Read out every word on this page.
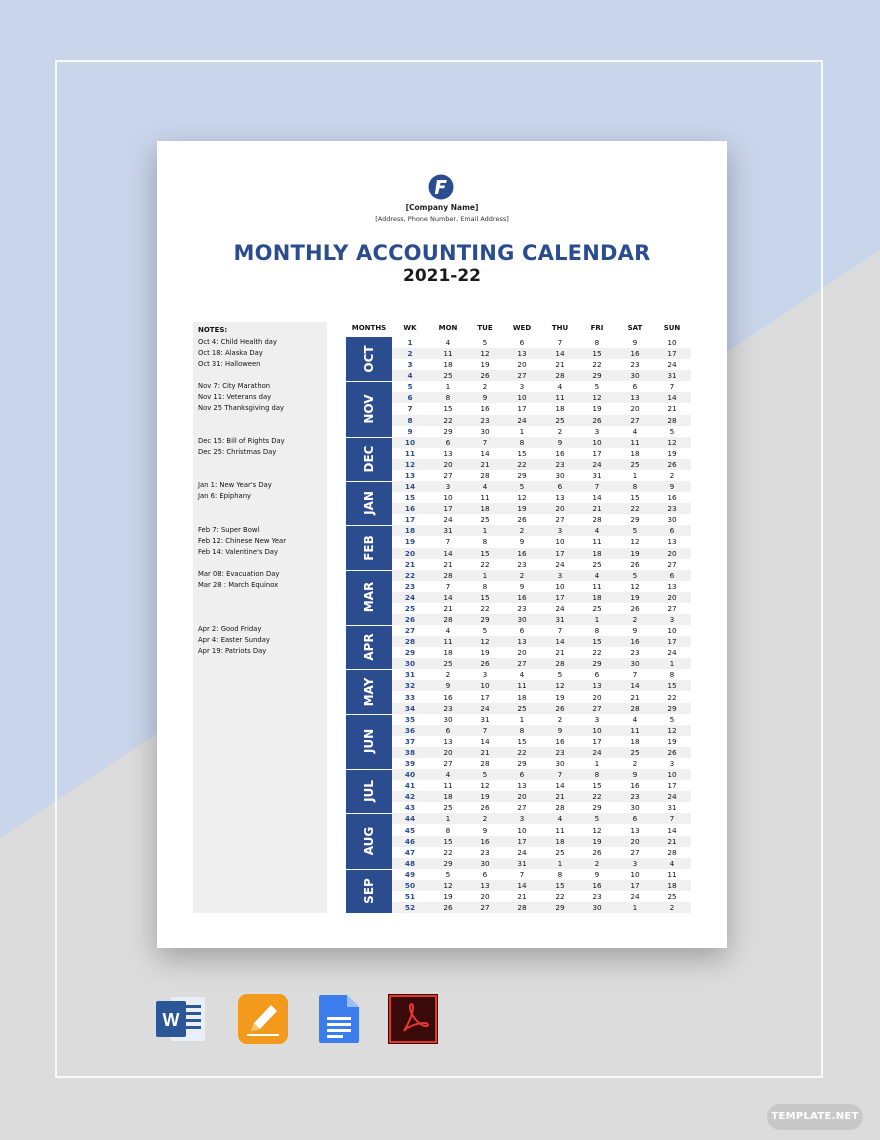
[Company Name]
[Address, Phone Number, Email Address]
MONTHLY ACCOUNTING CALENDAR
2021-22
NOTES:
Oct 4: Child Health day
Oct 18: Alaska Day
Oct 31: Halloween
Nov 7: City Marathon
Nov 11: Veterans day
Nov 25 Thanksgiving day
Dec 15: Bill of Rights Day
Dec 25: Christmas Day
Jan 1: New Year's Day
Jan 6: Epiphany
Feb 7: Super Bowl
Feb 12: Chinese New Year
Feb 14: Valentine's Day
Mar 08: Evacuation Day
Mar 28 : March Equinox
Apr 2: Good Friday
Apr 4: Easter Sunday
Apr 19: Patriots Day
MONTHS	WK	MON	TUE	WED	THU	FRI	SAT	SUN
OCT
1	4	5	6	7	8	9	10
2	11	12	13	14	15	16	17
3	18	19	20	21	22	23	24
4	25	26	27	28	29	30	31
NOV
5	1	2	3	4	5	6	7
6	8	9	10	11	12	13	14
7	15	16	17	18	19	20	21
8	22	23	24	25	26	27	28
9	29	30	1	2	3	4	5
DEC
10	6	7	8	9	10	11	12
11	13	14	15	16	17	18	19
12	20	21	22	23	24	25	26
13	27	28	29	30	31	1	2
JAN
14	3	4	5	6	7	8	9
15	10	11	12	13	14	15	16
16	17	18	19	20	21	22	23
17	24	25	26	27	28	29	30
FEB
18	31	1	2	3	4	5	6
19	7	8	9	10	11	12	13
20	14	15	16	17	18	19	20
21	21	22	23	24	25	26	27
MAR
22	28	1	2	3	4	5	6
23	7	8	9	10	11	12	13
24	14	15	16	17	18	19	20
25	21	22	23	24	25	26	27
26	28	29	30	31	1	2	3
APR
27	4	5	6	7	8	9	10
28	11	12	13	14	15	16	17
29	18	19	20	21	22	23	24
30	25	26	27	28	29	30	1
MAY
31	2	3	4	5	6	7	8
32	9	10	11	12	13	14	15
33	16	17	18	19	20	21	22
34	23	24	25	26	27	28	29
JUN
35	30	31	1	2	3	4	5
36	6	7	8	9	10	11	12
37	13	14	15	16	17	18	19
38	20	21	22	23	24	25	26
39	27	28	29	30	1	2	3
JUL
40	4	5	6	7	8	9	10
41	11	12	13	14	15	16	17
42	18	19	20	21	22	23	24
43	25	26	27	28	29	30	31
AUG
44	1	2	3	4	5	6	7
45	8	9	10	11	12	13	14
46	15	16	17	18	19	20	21
47	22	23	24	25	26	27	28
48	29	30	31	1	2	3	4
SEP
49	5	6	7	8	9	10	11
50	12	13	14	15	16	17	18
51	19	20	21	22	23	24	25
52	26	27	28	29	30	1	2
W
TEMPLATE.NET
